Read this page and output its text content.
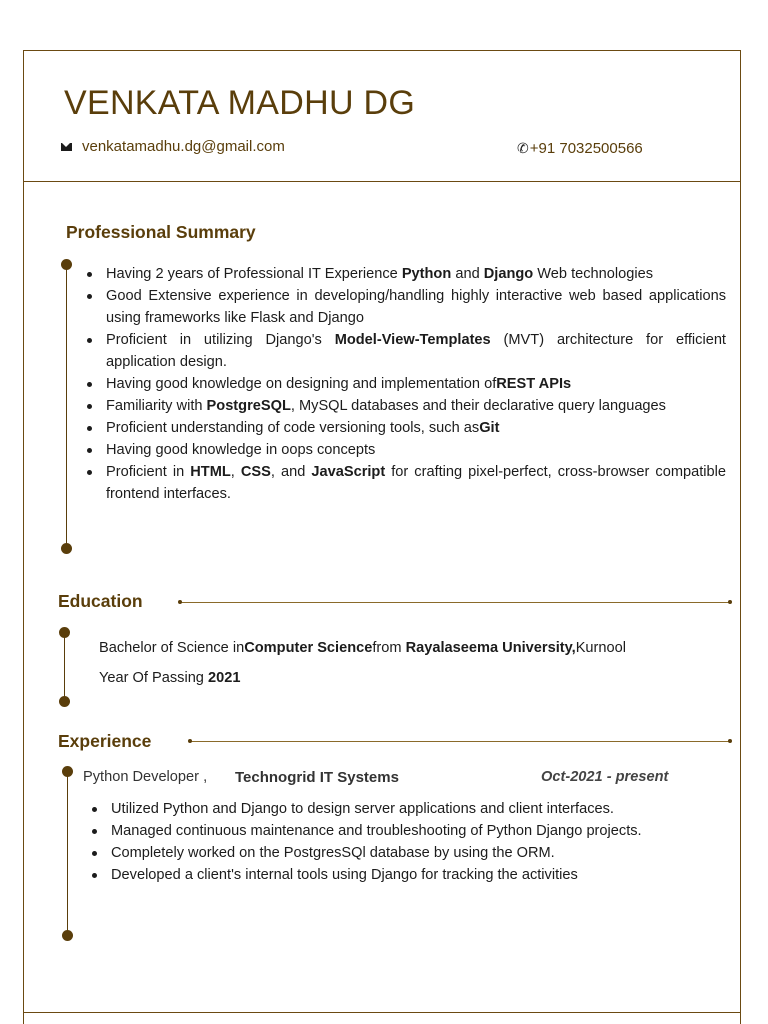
VENKATA MADHU DG
venkatamadhu.dg@gmail.com	✆ +91 7032500566
Professional Summary
Having 2 years of Professional IT Experience Python and Django Web technologies
Good Extensive experience in developing/handling highly interactive web based applications using frameworks like Flask and Django
Proficient in utilizing Django's Model-View-Templates (MVT) architecture for efficient application design.
Having good knowledge on designing and implementation ofREST APIs
Familiarity with PostgreSQL, MySQL databases and their declarative query languages
Proficient understanding of code versioning tools, such asGit
Having good knowledge in oops concepts
Proficient in HTML, CSS, and JavaScript for crafting pixel-perfect, cross-browser compatible frontend interfaces.
Education
Bachelor of Science inComputer Sciencefrom Rayalaseema University,Kurnool
Year Of Passing 2021
Experience
Python Developer , Technogrid IT Systems	Oct-2021 - present
Utilized Python and Django to design server applications and client interfaces.
Managed continuous maintenance and troubleshooting of Python Django projects.
Completely worked on the PostgresSQl database by using the ORM.
Developed a client's internal tools using Django for tracking the activities
